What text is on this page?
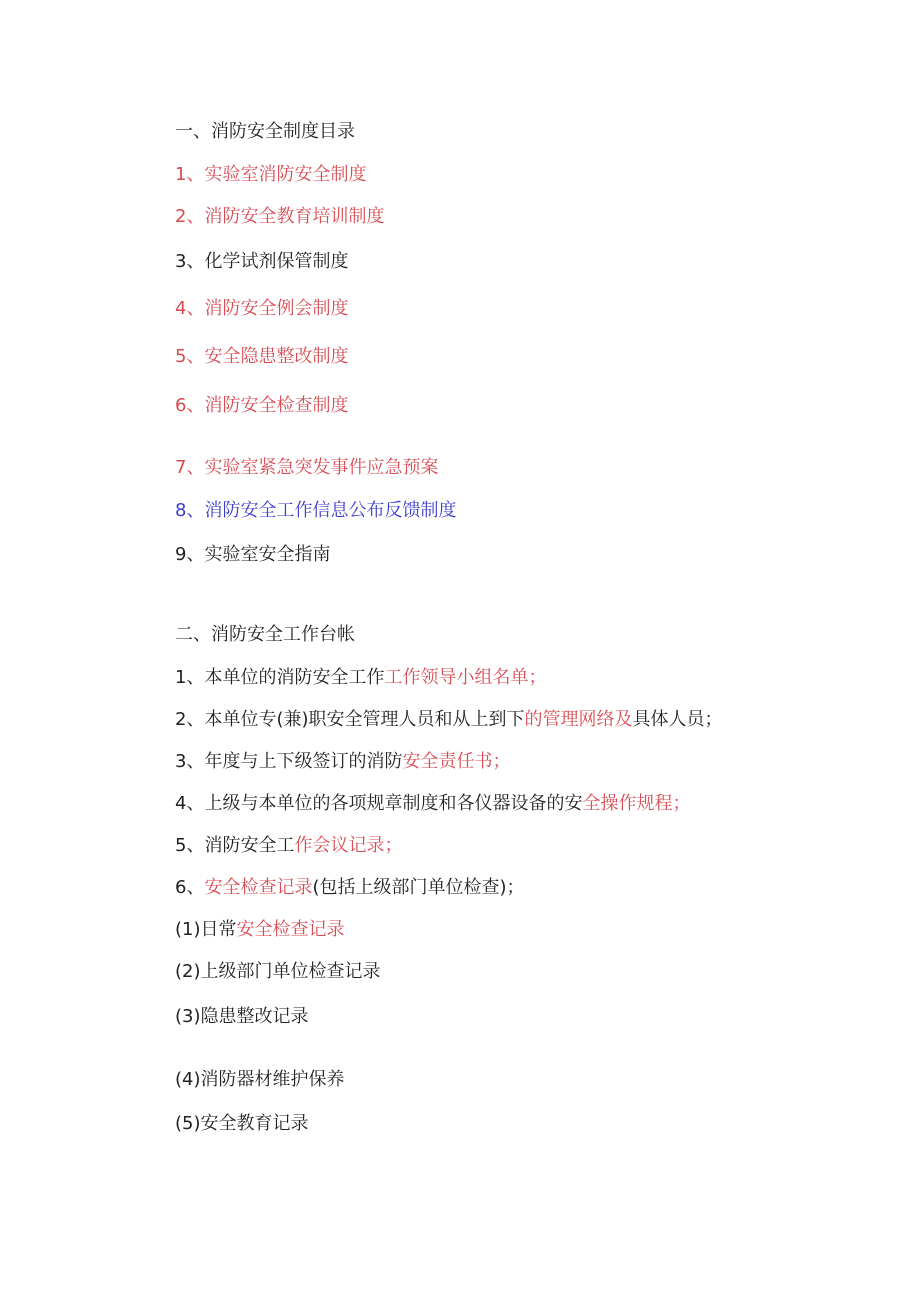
一、消防安全制度目录
1、实验室消防安全制度
2、消防安全教育培训制度
3、化学试剂保管制度
4、消防安全例会制度
5、安全隐患整改制度
6、消防安全检查制度
7、实验室紧急突发事件应急预案
8、消防安全工作信息公布反馈制度
9、实验室安全指南
二、消防安全工作台帐
1、本单位的消防安全工作工作领导小组名单；
2、本单位专(兼)职安全管理人员和从上到下的管理网络及具体人员；
3、年度与上下级签订的消防安全责任书；
4、上级与本单位的各项规章制度和各仪器设备的安全操作规程；
5、消防安全工作会议记录；
6、安全检查记录(包括上级部门单位检查)；
(1)日常安全检查记录
(2)上级部门单位检查记录
(3)隐患整改记录
(4)消防器材维护保养
(5)安全教育记录
